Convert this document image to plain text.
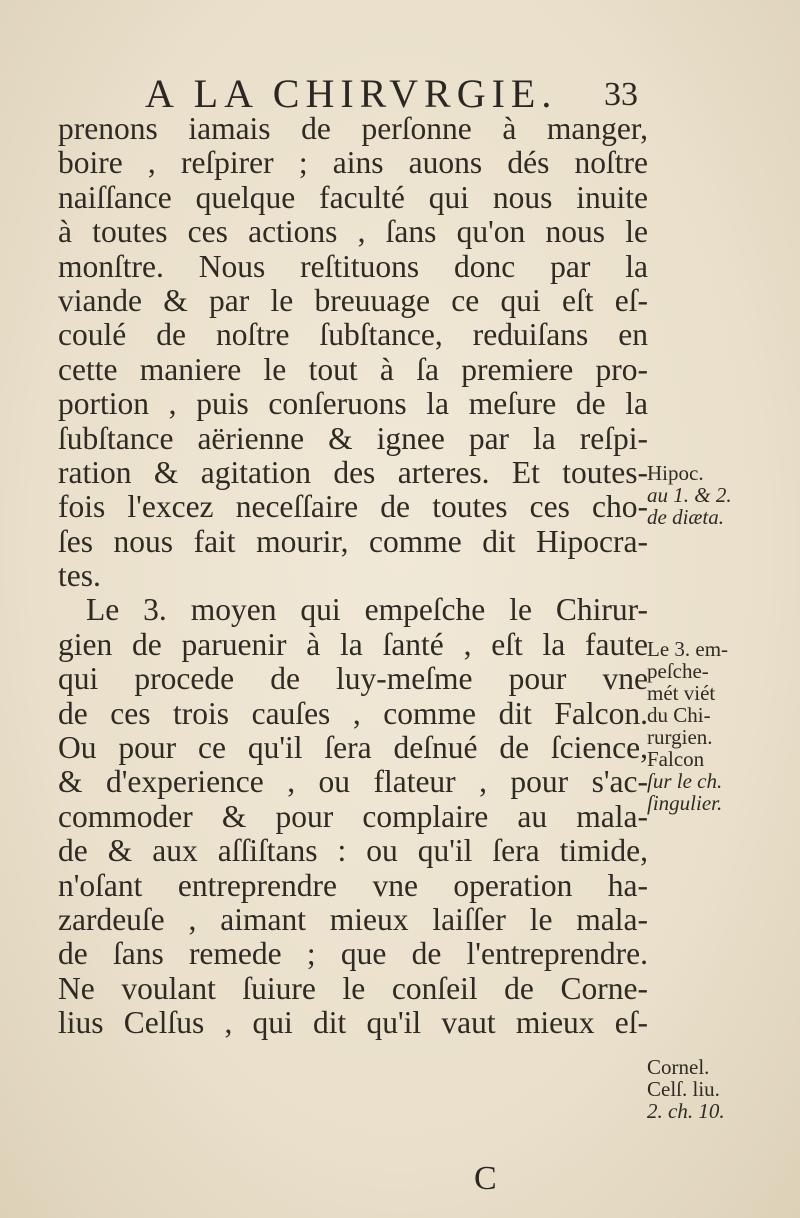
A LA CHIRVRGIE. 33
prenons iamais de perſonne à manger,
boire , reſpirer ; ains auons dés noſtre
naiſſance quelque faculté qui nous inuite
à toutes ces actions , ſans qu'on nous le
monſtre. Nous reſtituons donc par la
viande & par le breuuage ce qui eſt eſ-
coulé de noſtre ſubſtance, reduiſans en
cette maniere le tout à ſa premiere pro-
portion , puis conſeruons la meſure de la
ſubſtance aërienne & ignee par la reſpi-
ration & agitation des arteres. Et toutes-
fois l'excez neceſſaire de toutes ces cho-
ſes nous fait mourir, comme dit Hipocra-
tes.
Le 3. moyen qui empeſche le Chirur-
gien de paruenir à la ſanté , eſt la faute
qui procede de luy-meſme pour vne
de ces trois cauſes , comme dit Falcon.
Ou pour ce qu'il ſera deſnué de ſcience,
& d'experience , ou flateur , pour s'ac-
commoder & pour complaire au mala-
de & aux aſſiſtans : ou qu'il ſera timide,
n'oſant entreprendre vne operation ha-
zardeuſe , aimant mieux laiſſer le mala-
de ſans remede ; que de l'entreprendre.
Ne voulant ſuiure le conſeil de Corne-
lius Celſus , qui dit qu'il vaut mieux eſ-
Hipoc.
au 1. & 2.
de diæta.
Le 3. em-
peſche-
mét viét
du Chi-
rurgien.
Falcon
ſur le ch.
ſingulier.
Cornel.
Celſ. liu.
2. ch. 10.
C
